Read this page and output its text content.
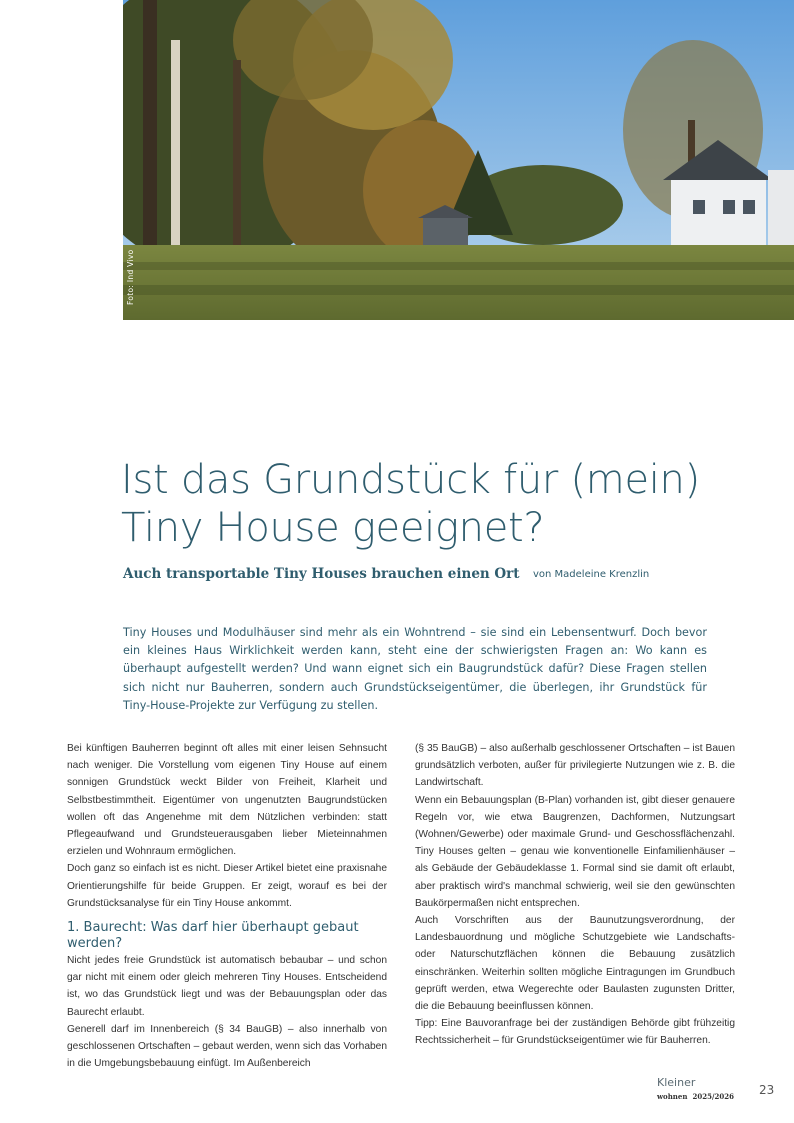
Foto: Ind Vivo
Ist das Grundstück für (mein)
Tiny House geeignet?
Auch transportable Tiny Houses brauchen einen Ort von Madeleine Krenzlin

Tiny Houses und Modulhäuser sind mehr als ein Wohntrend – sie sind ein Lebensentwurf. Doch bevor ein kleines Haus Wirklichkeit werden kann, steht eine der schwierigsten Fragen an: Wo kann es überhaupt aufgestellt werden? Und wann eignet sich ein Baugrundstück dafür? Diese Fragen stellen sich nicht nur Bauherren, sondern auch Grundstückseigentümer, die überlegen, ihr Grundstück für Tiny-House-Projekte zur Verfügung zu stellen.

Bei künftigen Bauherren beginnt oft alles mit einer leisen Sehnsucht nach weniger. Die Vorstellung vom eigenen Tiny House auf einem sonnigen Grundstück weckt Bilder von Freiheit, Klarheit und Selbstbestimmtheit. Eigentümer von ungenutzten Baugrundstücken wollen oft das Angenehme mit dem Nützlichen verbinden: statt Pflegeaufwand und Grundsteuerausgaben lieber Mieteinnahmen erzielen und Wohnraum ermöglichen.

Doch ganz so einfach ist es nicht. Dieser Artikel bietet eine praxisnahe Orientierungshilfe für beide Gruppen. Er zeigt, worauf es bei der Grundstücksanalyse für ein Tiny House ankommt.

1. Baurecht: Was darf hier überhaupt gebaut werden?

Nicht jedes freie Grundstück ist automatisch bebaubar – und schon gar nicht mit einem oder gleich mehreren Tiny Houses. Entscheidend ist, wo das Grundstück liegt und was der Bebauungsplan oder das Baurecht erlaubt.

Generell darf im Innenbereich (§ 34 BauGB) – also innerhalb von geschlossenen Ortschaften – gebaut werden, wenn sich das Vorhaben in die Umgebungsbebauung einfügt. Im Außenbereich

(§ 35 BauGB) – also außerhalb geschlossener Ortschaften – ist Bauen grundsätzlich verboten, außer für privilegierte Nutzungen wie z. B. die Landwirtschaft.

Wenn ein Bebauungsplan (B-Plan) vorhanden ist, gibt dieser genauere Regeln vor, wie etwa Baugrenzen, Dachformen, Nutzungsart (Wohnen/Gewerbe) oder maximale Grund- und Geschossflächenzahl. Tiny Houses gelten – genau wie konventionelle Einfamilienhäuser – als Gebäude der Gebäudeklasse 1. Formal sind sie damit oft erlaubt, aber praktisch wird's manchmal schwierig, weil sie den gewünschten Baukörpermaßen nicht entsprechen.

Auch Vorschriften aus der Baunutzungsverordnung, der Landesbauordnung und mögliche Schutzgebiete wie Landschafts- oder Naturschutzflächen können die Bebauung zusätzlich einschränken. Weiterhin sollten mögliche Eintragungen im Grundbuch geprüft werden, etwa Wegerechte oder Baulasten zugunsten Dritter, die die Bebauung beeinflussen können.

Tipp: Eine Bauvoranfrage bei der zuständigen Behörde gibt frühzeitig Rechtssicherheit – für Grundstückseigentümer wie für Bauherren.

Kleiner
wohnen 2025/2026 23
